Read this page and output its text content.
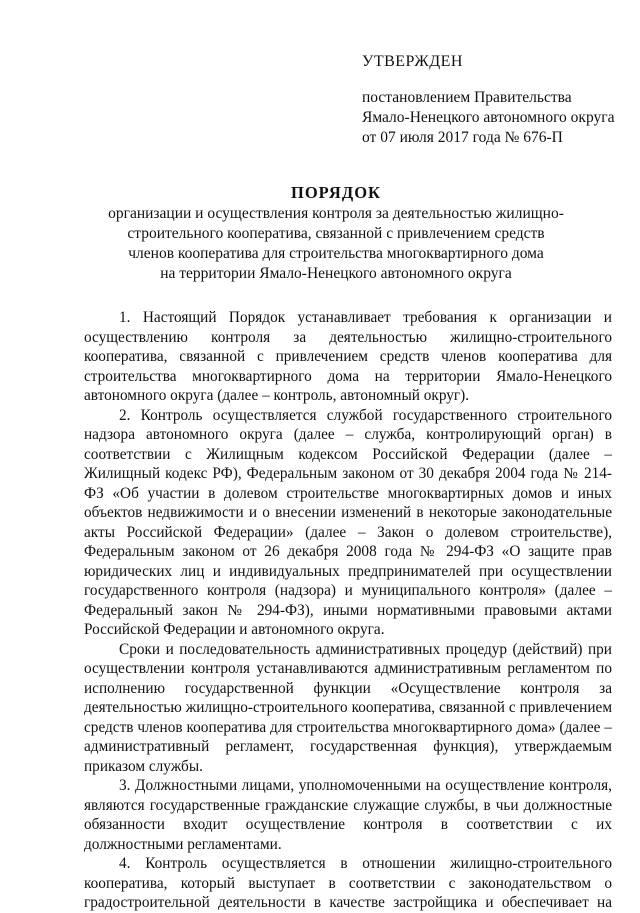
УТВЕРЖДЕН
постановлением Правительства
Ямало-Ненецкого автономного округа
от 07 июля 2017 года № 676-П
ПОРЯДОК
организации и осуществления контроля за деятельностью жилищно-
строительного кооператива, связанной с привлечением средств
членов кооператива для строительства многоквартирного дома
на территории Ямало-Ненецкого автономного округа

1. Настоящий Порядок устанавливает требования к организации и осуществлению контроля за деятельностью жилищно-строительного кооператива, связанной с привлечением средств членов кооператива для строительства многоквартирного дома на территории Ямало-Ненецкого автономного округа (далее – контроль, автономный округ).

2. Контроль осуществляется службой государственного строительного надзора автономного округа (далее – служба, контролирующий орган) в соответствии с Жилищным кодексом Российской Федерации (далее – Жилищный кодекс РФ), Федеральным законом от 30 декабря 2004 года № 214-ФЗ «Об участии в долевом строительстве многоквартирных домов и иных объектов недвижимости и о внесении изменений в некоторые законодательные акты Российской Федерации» (далее – Закон о долевом строительстве), Федеральным законом от 26 декабря 2008 года № 294-ФЗ «О защите прав юридических лиц и индивидуальных предпринимателей при осуществлении государственного контроля (надзора) и муниципального контроля» (далее – Федеральный закон № 294-ФЗ), иными нормативными правовыми актами Российской Федерации и автономного округа.

Сроки и последовательность административных процедур (действий) при осуществлении контроля устанавливаются административным регламентом по исполнению государственной функции «Осуществление контроля за деятельностью жилищно-строительного кооператива, связанной с привлечением средств членов кооператива для строительства многоквартирного дома» (далее – административный регламент, государственная функция), утверждаемым приказом службы.

3. Должностными лицами, уполномоченными на осуществление контроля, являются государственные гражданские служащие службы, в чьи должностные обязанности входит осуществление контроля в соответствии с их должностными регламентами.

4. Контроль осуществляется в отношении жилищно-строительного кооператива, который выступает в соответствии с законодательством о градостроительной деятельности в качестве застройщика и обеспечивает на
